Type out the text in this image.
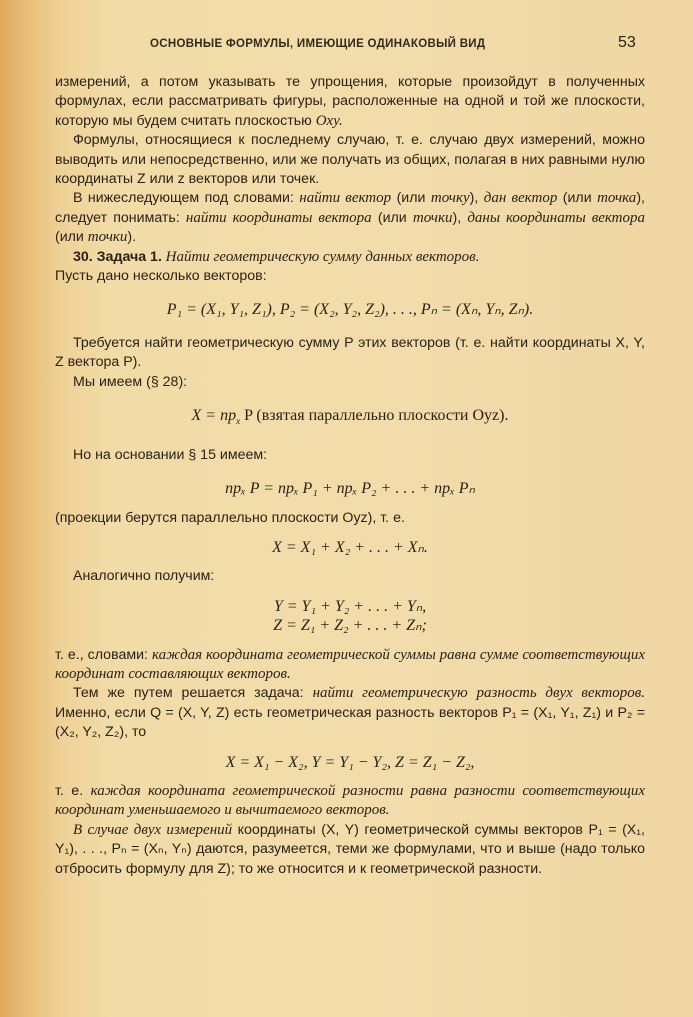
ОСНОВНЫЕ ФОРМУЛЫ, ИМЕЮЩИЕ ОДИНАКОВЫЙ ВИД	53

измерений, а потом указывать те упрощения, которые произойдут в полученных формулах, если рассматривать фигуры, расположенные на одной и той же плоскости, которую мы будем считать плоскостью Oxy.

Формулы, относящиеся к последнему случаю, т. е. случаю двух измерений, можно выводить или непосредственно, или же получать из общих, полагая в них равными нулю координаты Z или z векторов или точек.

В нижеследующем под словами: найти вектор (или точку), дан вектор (или точка), следует понимать: найти координаты вектора (или точки), даны координаты вектора (или точки).

30. Задача 1. Найти геометрическую сумму данных векторов.

Пусть дано несколько векторов:

P₁ = (X₁, Y₁, Z₁), P₂ = (X₂, Y₂, Z₂), . . ., Pₙ = (Xₙ, Yₙ, Zₙ).

Требуется найти геометрическую сумму P этих векторов (т. е. найти координаты X, Y, Z вектора P).

Мы имеем (§ 28):

$X = пр_x$ P (взятая параллельно плоскости Oyz).

Но на основании § 15 имеем:

прₓ P = прₓ P₁ + прₓ P₂ + . . . + прₓ Pₙ

(проекции берутся параллельно плоскости Oyz), т. е.

X = X₁ + X₂ + . . . + Xₙ.

Аналогично получим:

Y = Y₁ + Y₂ + . . . + Yₙ,

Z = Z₁ + Z₂ + . . . + Zₙ;

т. е., словами: каждая координата геометрической суммы равна сумме соответствующих координат составляющих векторов.

Тем же путем решается задача: найти геометрическую разность двух векторов. Именно, если Q = (X, Y, Z) есть геометрическая разность векторов P₁ = (X₁, Y₁, Z₁) и P₂ = (X₂, Y₂, Z₂), то

X = X₁ − X₂, Y = Y₁ − Y₂, Z = Z₁ − Z₂,

т. е. каждая координата геометрической разности равна разности соответствующих координат уменьшаемого и вычитаемого векторов.

В случае двух измерений координаты (X, Y) геометрической суммы векторов P₁ = (X₁, Y₁), . . ., Pₙ = (Xₙ, Yₙ) даются, разумеется, теми же формулами, что и выше (надо только отбросить формулу для Z); то же относится и к геометрической разности.
